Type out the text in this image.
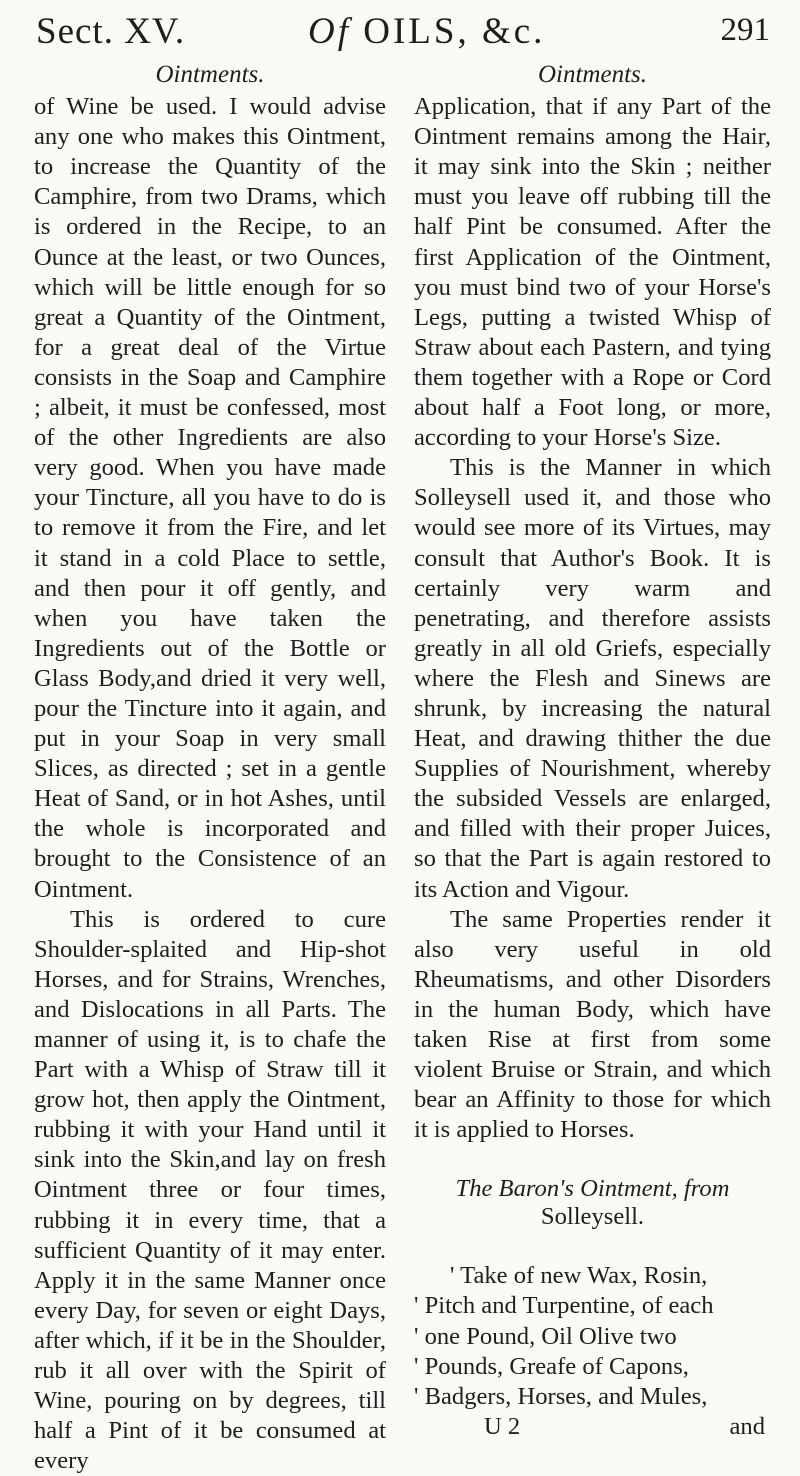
Sect. XV.	Of OILS, &c.	291
Ointments.

of Wine be used. I would advise any one who makes this Ointment, to increase the Quantity of the Camphire, from two Drams, which is ordered in the Recipe, to an Ounce at the least, or two Ounces, which will be little enough for so great a Quantity of the Ointment, for a great deal of the Virtue consists in the Soap and Camphire ; albeit, it must be confessed, most of the other Ingredients are also very good. When you have made your Tincture, all you have to do is to remove it from the Fire, and let it stand in a cold Place to settle, and then pour it off gently, and when you have taken the Ingredients out of the Bottle or Glass Body,and dried it very well, pour the Tincture into it again, and put in your Soap in very small Slices, as directed ; set in a gentle Heat of Sand, or in hot Ashes, until the whole is incorporated and brought to the Consistence of an Ointment.

This is ordered to cure Shoulder-splaited and Hip-shot Horses, and for Strains, Wrenches, and Dislocations in all Parts. The manner of using it, is to chafe the Part with a Whisp of Straw till it grow hot, then apply the Ointment, rubbing it with your Hand until it sink into the Skin,and lay on fresh Ointment three or four times, rubbing it in every time, that a sufficient Quantity of it may enter. Apply it in the same Manner once every Day, for seven or eight Days, after which, if it be in the Shoulder, rub it all over with the Spirit of Wine, pouring on by degrees, till half a Pint of it be consumed at every

Ointments.

Application, that if any Part of the Ointment remains among the Hair, it may sink into the Skin ; neither must you leave off rubbing till the half Pint be consumed. After the first Application of the Ointment, you must bind two of your Horse's Legs, putting a twisted Whisp of Straw about each Pastern, and tying them together with a Rope or Cord about half a Foot long, or more, according to your Horse's Size.

This is the Manner in which Solleysell used it, and those who would see more of its Virtues, may consult that Author's Book. It is certainly very warm and penetrating, and therefore assists greatly in all old Griefs, especially where the Flesh and Sinews are shrunk, by increasing the natural Heat, and drawing thither the due Supplies of Nourishment, whereby the subsided Vessels are enlarged, and filled with their proper Juices, so that the Part is again restored to its Action and Vigour.

The same Properties render it also very useful in old Rheumatisms, and other Disorders in the human Body, which have taken Rise at first from some violent Bruise or Strain, and which bear an Affinity to those for which it is applied to Horses.

The Baron's Ointment, from
Solleysell.

' Take of new Wax, Rosin,

' Pitch and Turpentine, of each

' one Pound, Oil Olive two

' Pounds, Greafe of Capons,

' Badgers, Horses, and Mules,

U 2	and
